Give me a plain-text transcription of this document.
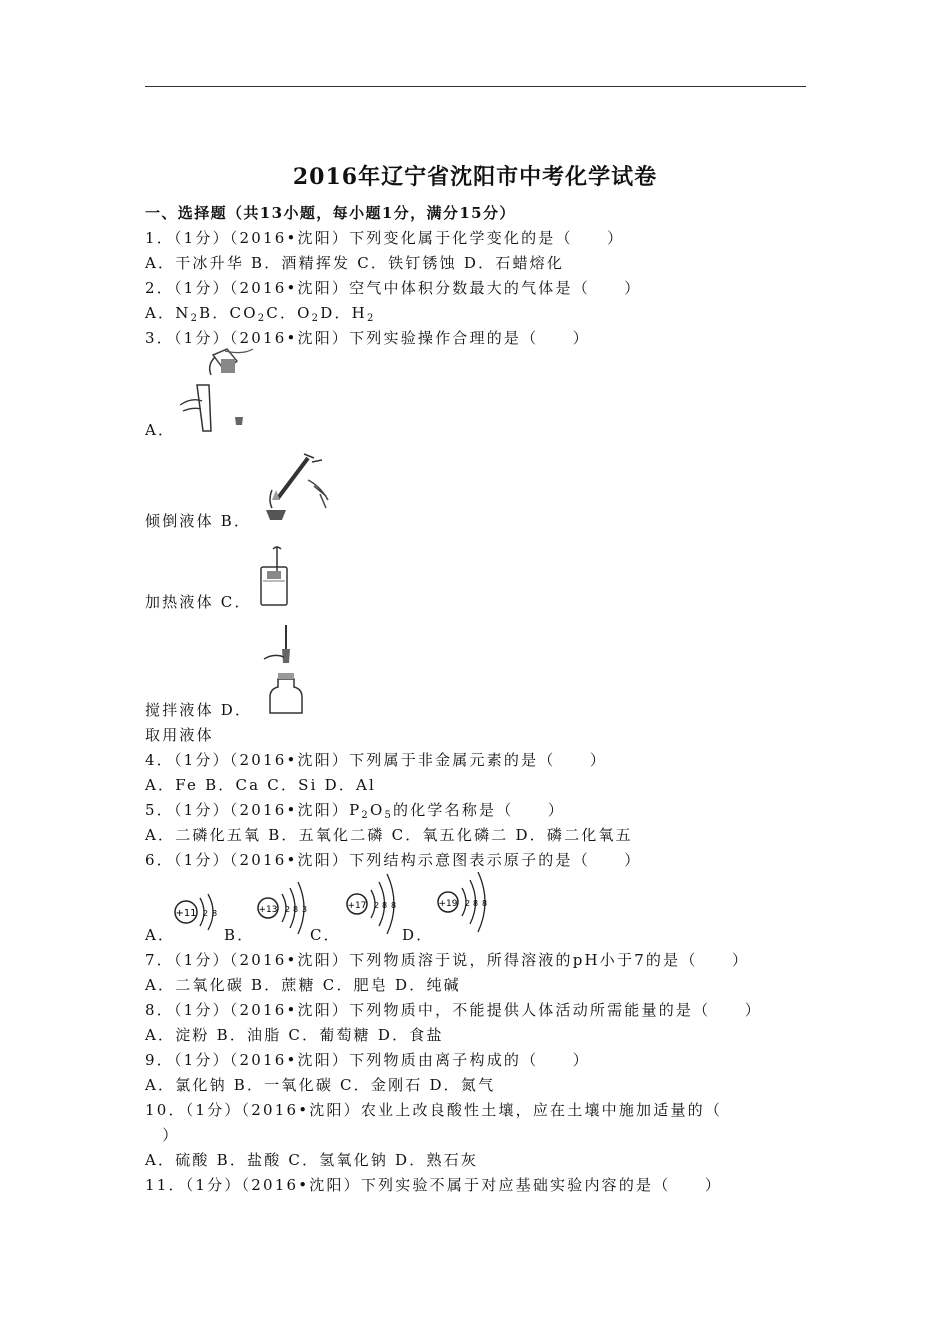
2016年辽宁省沈阳市中考化学试卷
一、选择题（共13小题，每小题1分，满分15分）
1．（1分）（2016•沈阳）下列变化属于化学变化的是（　　）
A．干冰升华 B．酒精挥发 C．铁钉锈蚀 D．石蜡熔化
2．（1分）（2016•沈阳）空气中体积分数最大的气体是（　　）
A．$N_2B$．$CO_2C$．$O_2D$．$H_2$
3．（1分）（2016•沈阳）下列实验操作合理的是（　　）
A．
倾倒液体 B．
加热液体 C．
搅拌液体 D．
取用液体
4．（1分）（2016•沈阳）下列属于非金属元素的是（　　）
A．Fe B．Ca C．Si D．Al
5．（1分）（2016•沈阳）$P_2O_5$的化学名称是（　　）
A．二磷化五氧 B．五氧化二磷 C．氧五化磷二 D．磷二化氧五
6．（1分）（2016•沈阳）下列结构示意图表示原子的是（　　）
+11 2 8
A．
+13 2 8 3
C．
B．
+17 2 8 8
D．
+19 2 8 8
7．（1分）（2016•沈阳）下列物质溶于说，所得溶液的pH小于7的是（　　）
A．二氧化碳 B．蔗糖 C．肥皂 D．纯碱
8．（1分）（2016•沈阳）下列物质中，不能提供人体活动所需能量的是（　　）
A．淀粉 B．油脂 C．葡萄糖 D．食盐
9．（1分）（2016•沈阳）下列物质由离子构成的（　　）
A．氯化钠 B．一氧化碳 C．金刚石 D．氮气
10．（1分）（2016•沈阳）农业上改良酸性土壤，应在土壤中施加适量的（
　）
A．硫酸 B．盐酸 C．氢氧化钠 D．熟石灰
11．（1分）（2016•沈阳）下列实验不属于对应基础实验内容的是（　　）
